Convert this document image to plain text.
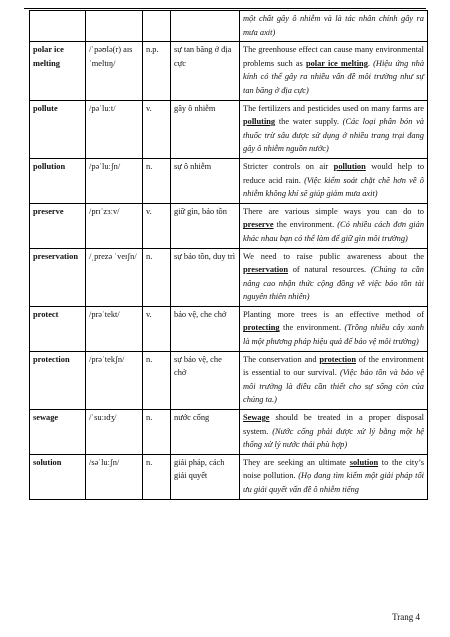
				một chất gây ô nhiễm và là tác nhân chính gây ra mưa axit)
polar ice melting	/ˈpəʊlə(r) aɪs ˈmeltɪŋ/	n.p.	sự tan băng ở địa cực	The greenhouse effect can cause many environmental problems such as polar ice melting. (Hiệu ứng nhà kính có thể gây ra nhiều vấn đề môi trường như sự tan băng ở địa cực)
pollute	/pəˈluːt/	v.	gây ô nhiễm	The fertilizers and pesticides used on many farms are polluting the water supply. (Các loại phân bón và thuốc trừ sâu được sử dụng ở nhiều trang trại đang gây ô nhiễm nguồn nước)
pollution	/pəˈluːʃn/	n.	sự ô nhiễm	Stricter controls on air pollution would help to reduce acid rain. (Việc kiểm soát chặt chẽ hơn về ô nhiễm không khí sẽ giúp giảm mưa axit)
preserve	/prɪˈzɜːv/	v.	giữ gìn, bảo tồn	There are various simple ways you can do to preserve the environment. (Có nhiều cách đơn giản khác nhau bạn có thể làm để giữ gìn môi trường)
preservation	/ˌprezə ˈveɪʃn/	n.	sự bảo tồn, duy trì	We need to raise public awareness about the preservation of natural resources. (Chúng ta cần nâng cao nhận thức cộng đồng về việc bảo tồn tài nguyên thiên nhiên)
protect	/prəˈtekt/	v.	bảo vệ, che chở	Planting more trees is an effective method of protecting the environment. (Trồng nhiều cây xanh là một phương pháp hiệu quả để bảo vệ môi trường)
protection	/prəˈtekʃn/	n.	sự bảo vệ, che chở	The conservation and protection of the environment is essential to our survival. (Việc bảo tồn và bảo vệ môi trường là điều cần thiết cho sự sống còn của chúng ta.)
sewage	/ˈsuːɪdʒ/	n.	nước cống	Sewage should be treated in a proper disposal system. (Nước cống phải được xử lý bằng một hệ thống xử lý nước thải phù hợp)
solution	/səˈluːʃn/	n.	giải pháp, cách giải quyết	They are seeking an ultimate solution to the city’s noise pollution. (Họ đang tìm kiếm một giải pháp tối ưu giải quyết vấn đề ô nhiễm tiếng
Trang 4
